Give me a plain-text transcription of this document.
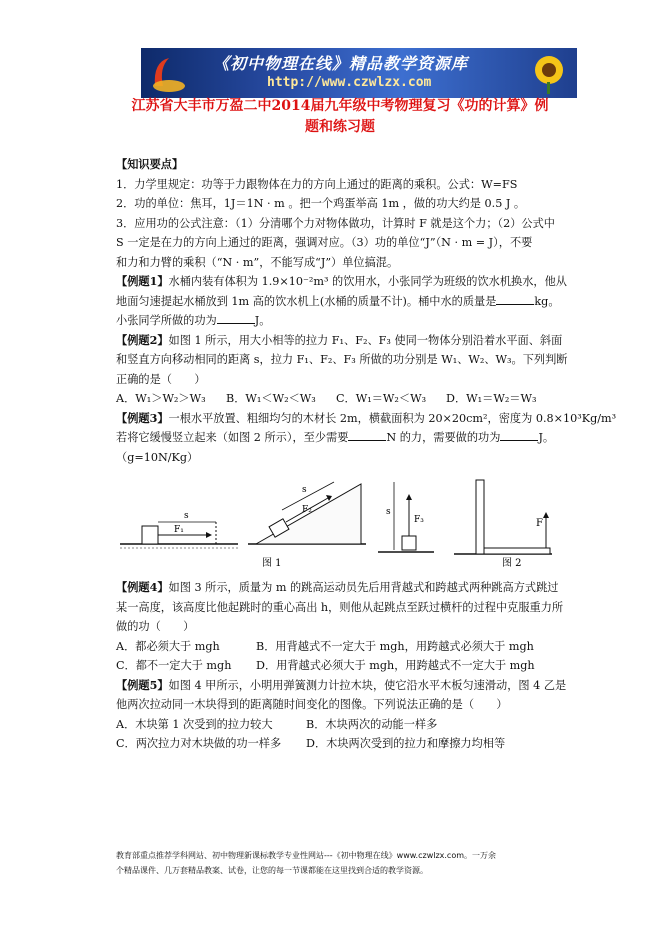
《初中物理在线》精品教学资源库
http://www.czwlzx.com
江苏省大丰市万盈二中2014届九年级中考物理复习《功的计算》例
题和练习题

【知识要点】

1．力学里规定：功等于力跟物体在力的方向上通过的距离的乘积。公式：W=FS

2．功的单位：焦耳，1J＝1N · m 。把一个鸡蛋举高 1m ，做的功大约是 0.5 J 。

3．应用功的公式注意：（1）分清哪个力对物体做功，计算时 F 就是这个力；（2）公式中

S 一定是在力的方向上通过的距离，强调对应。（3）功的单位“J”（N · m = J），不要

和力和力臂的乘积（“N · m”，不能写成“J”）单位搞混。

【例题1】水桶内装有体积为 1.9×10⁻²m³ 的饮用水，小张同学为班级的饮水机换水，他从

地面匀速提起水桶放到 1m 高的饮水机上(水桶的质量不计)。桶中水的质量是	kg。

小张同学所做的功为	J。

【例题2】如图 1 所示，用大小相等的拉力 F₁、F₂、F₃ 使同一物体分别沿着水平面、斜面

和竖直方向移动相同的距离 s，拉力 F₁、F₂、F₃ 所做的功分别是 W₁、W₂、W₃。下列判断

正确的是（　　）

A．W₁＞W₂＞W₃ B．W₁＜W₂＜W₃ C．W₁＝W₂＜W₃ D．W₁＝W₂＝W₃

【例题3】一根水平放置、粗细均匀的木材长 2m，横截面积为 20×20cm²，密度为 0.8×10³Kg/m³

若将它缓慢竖立起来（如图 2 所示），至少需要	N 的力，需要做的功为	J。

（g=10N/Kg）

s
F₁
s
F₂	s
F₃
图 1
F
图 2

【例题4】如图 3 所示，质量为 m 的跳高运动员先后用背越式和跨越式两种跳高方式跳过

某一高度，该高度比他起跳时的重心高出 h，则他从起跳点至跃过横杆的过程中克服重力所

做的功（　　）

A．都必须大于 mgh	B．用背越式不一定大于 mgh，用跨越式必须大于 mgh

C．都不一定大于 mgh D．用背越式必须大于 mgh，用跨越式不一定大于 mgh

【例题5】如图 4 甲所示，小明用弹簧测力计拉木块，使它沿水平木板匀速滑动，图 4 乙是

他两次拉动同一木块得到的距离随时间变化的图像。下列说法正确的是（　　）

A．木块第 1 次受到的拉力较大	B．木块两次的动能一样多

C．两次拉力对木块做的功一样多 D．木块两次受到的拉力和摩擦力均相等

教育部重点推荐学科网站、初中物理新课标教学专业性网站---《初中物理在线》www.czwlzx.com。一万余

个精品课件、几万套精品教案、试卷，让您的每一节课都能在这里找到合适的教学资源。
